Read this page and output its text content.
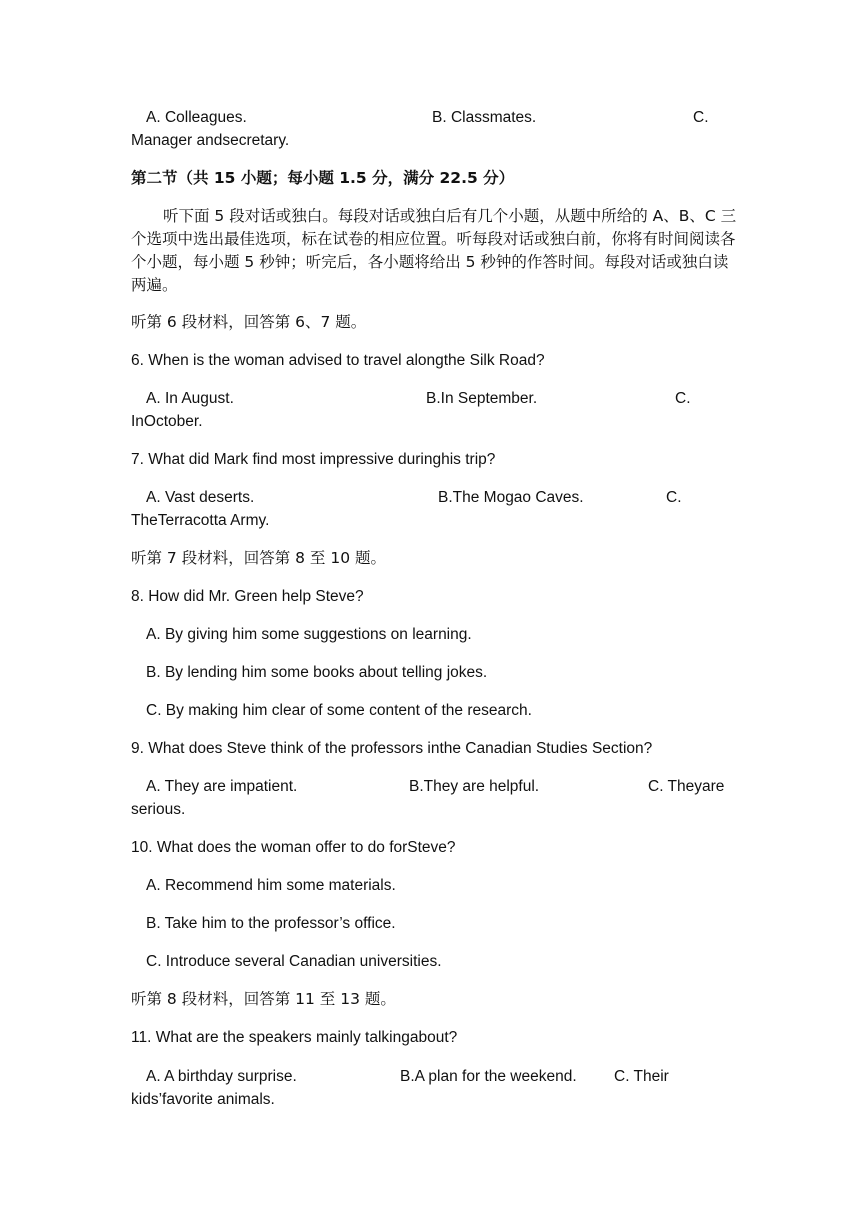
A. Colleagues.	B. Classmates.	C.
Manager andsecretary.
第二节（共 15 小题；每小题 1.5 分，满分 22.5 分）
听下面 5 段对话或独白。每段对话或独白后有几个小题，从题中所给的 A、B、C 三个选项中选出最佳选项，标在试卷的相应位置。听每段对话或独白前，你将有时间阅读各个小题，每小题 5 秒钟；听完后，各小题将给出 5 秒钟的作答时间。每段对话或独白读两遍。
听第 6 段材料，回答第 6、7 题。
6. When is the woman advised to travel alongthe Silk Road?
A. In August.	B.In September.	C.
InOctober.
7. What did Mark find most impressive duringhis trip?
A. Vast deserts.	B.The Mogao Caves.	C.
TheTerracotta Army.
听第 7 段材料，回答第 8 至 10 题。
8. How did Mr. Green help Steve?
A. By giving him some suggestions on learning.
B. By lending him some books about telling jokes.
C. By making him clear of some content of the research.
9. What does Steve think of the professors inthe Canadian Studies Section?
A. They are impatient.	B.They are helpful.	C. Theyare
serious.
10. What does the woman offer to do forSteve?
A. Recommend him some materials.
B. Take him to the professor’s office.
C. Introduce several Canadian universities.
听第 8 段材料，回答第 11 至 13 题。
11. What are the speakers mainly talkingabout?
A. A birthday surprise.	B.A plan for the weekend. C. Their
kids’favorite animals.
